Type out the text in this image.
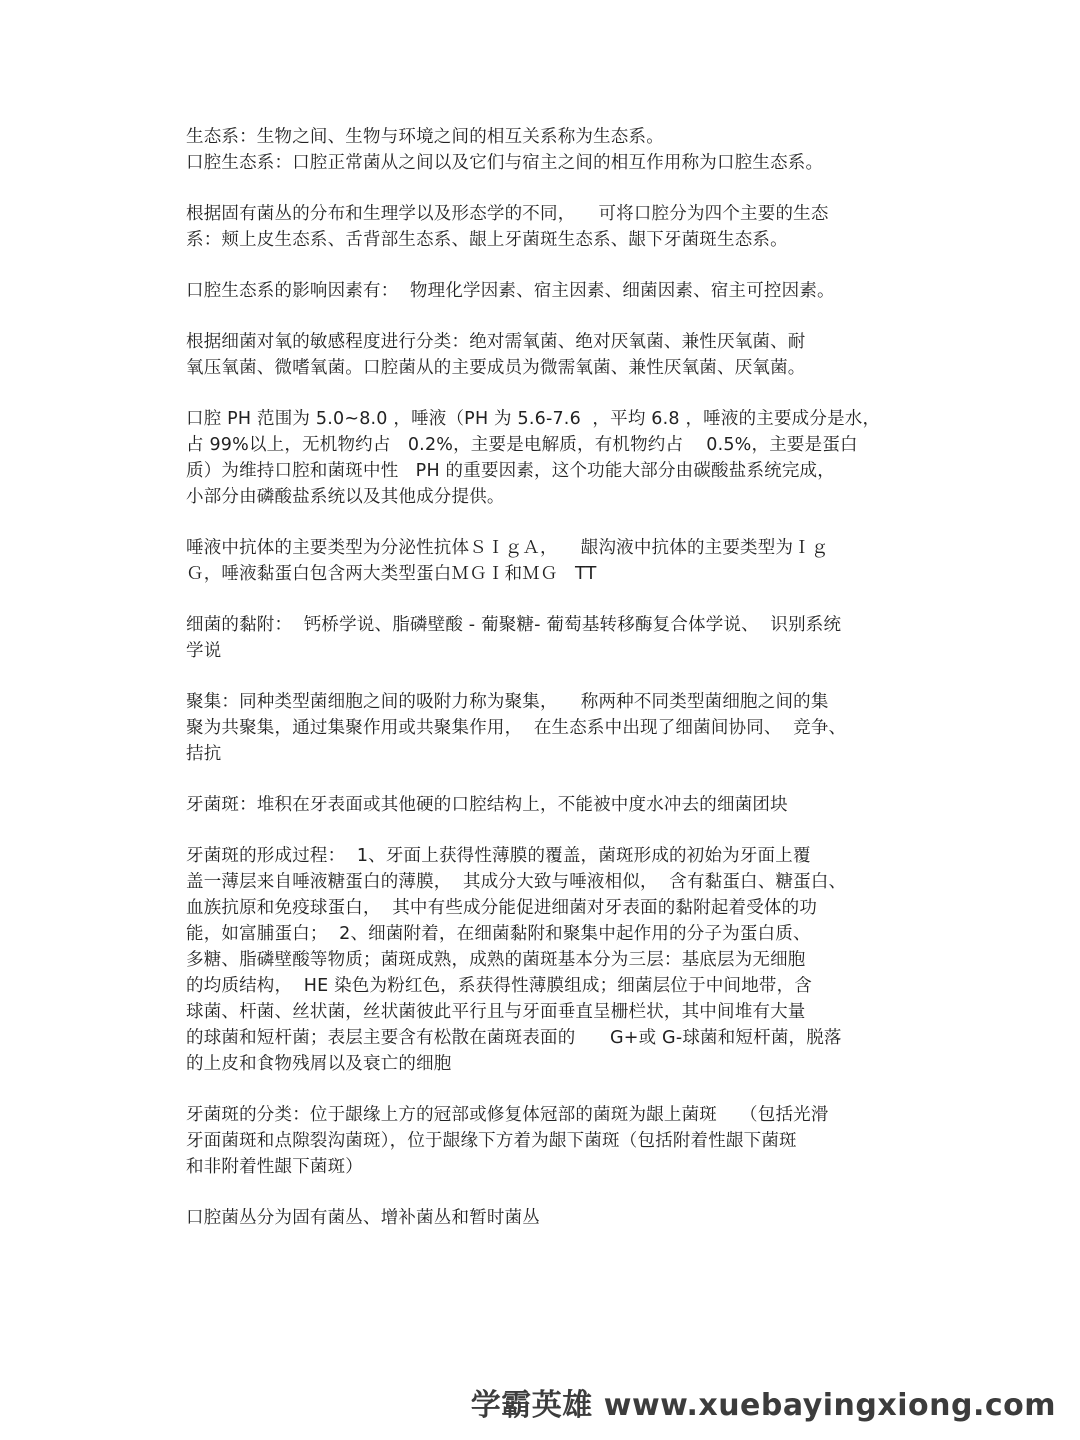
生态系：生物之间、生物与环境之间的相互关系称为生态系。
口腔生态系：口腔正常菌从之间以及它们与宿主之间的相互作用称为口腔生态系。

根据固有菌丛的分布和生理学以及形态学的不同，    可将口腔分为四个主要的生态
系：颊上皮生态系、舌背部生态系、龈上牙菌斑生态系、龈下牙菌斑生态系。

口腔生态系的影响因素有：  物理化学因素、宿主因素、细菌因素、宿主可控因素。

根据细菌对氧的敏感程度进行分类：绝对需氧菌、绝对厌氧菌、兼性厌氧菌、耐
氧压氧菌、微嗜氧菌。口腔菌从的主要成员为微需氧菌、兼性厌氧菌、厌氧菌。

口腔 PH 范围为 5.0~8.0 ，唾液（PH 为 5.6-7.6  ，平均 6.8 ，唾液的主要成分是水，
占 99%以上，无机物约占   0.2%，主要是电解质，有机物约占    0.5%，主要是蛋白
质）为维持口腔和菌斑中性   PH 的重要因素，这个功能大部分由碳酸盐系统完成，
小部分由磷酸盐系统以及其他成分提供。

唾液中抗体的主要类型为分泌性抗体ＳＩｇＡ，    龈沟液中抗体的主要类型为Ｉｇ
Ｇ，唾液黏蛋白包含两大类型蛋白ＭＧＩ和ＭＧ   TT

细菌的黏附：  钙桥学说、脂磷壁酸 - 葡聚糖- 葡萄基转移酶复合体学说、  识别系统
学说

聚集：同种类型菌细胞之间的吸附力称为聚集，    称两种不同类型菌细胞之间的集
聚为共聚集，通过集聚作用或共聚集作用，  在生态系中出现了细菌间协同、  竞争、
拮抗

牙菌斑：堆积在牙表面或其他硬的口腔结构上，不能被中度水冲去的细菌团块

牙菌斑的形成过程：  1、牙面上获得性薄膜的覆盖，菌斑形成的初始为牙面上覆
盖一薄层来自唾液糖蛋白的薄膜，  其成分大致与唾液相似，  含有黏蛋白、糖蛋白、
血族抗原和免疫球蛋白，  其中有些成分能促进细菌对牙表面的黏附起着受体的功
能，如富脯蛋白；  2、细菌附着，在细菌黏附和聚集中起作用的分子为蛋白质、
多糖、脂磷壁酸等物质；菌斑成熟，成熟的菌斑基本分为三层：基底层为无细胞
的均质结构，  HE 染色为粉红色，系获得性薄膜组成；细菌层位于中间地带，含
球菌、杆菌、丝状菌，丝状菌彼此平行且与牙面垂直呈栅栏状，其中间堆有大量
的球菌和短杆菌；表层主要含有松散在菌斑表面的      G+或 G-球菌和短杆菌，脱落
的上皮和食物残屑以及衰亡的细胞

牙菌斑的分类：位于龈缘上方的冠部或修复体冠部的菌斑为龈上菌斑    （包括光滑
牙面菌斑和点隙裂沟菌斑），位于龈缘下方着为龈下菌斑（包括附着性龈下菌斑
和非附着性龈下菌斑）

口腔菌丛分为固有菌丛、增补菌丛和暂时菌丛

学霸英雄 www.xuebayingxiong.com
